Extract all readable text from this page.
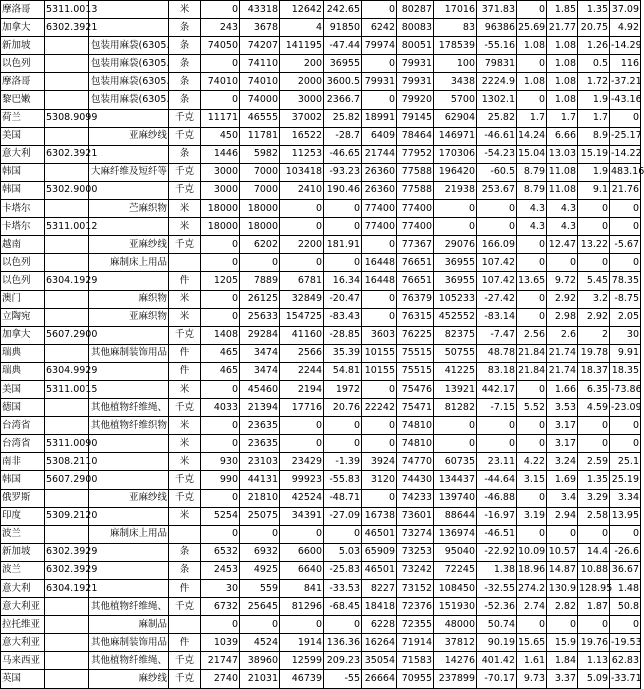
摩洛哥	5311.0013		米	0	43318	12642	242.65	0	80287	17016	371.83	0	1.85	1.35	37.09
加拿大	6302.3921		条	243	3678	4	91850	6242	80083	83	96386	25.69	21.77	20.75	4.92
新加坡		包装用麻袋(6305.	条	74050	74207	141195	-47.44	79974	80051	178539	-55.16	1.08	1.08	1.26	-14.29
以色列		包装用麻袋(6305.	条	0	74110	200	36955	0	79931	100	79831	0	1.08	0.5	116
摩洛哥		包装用麻袋(6305.	条	74010	74010	2000	3600.5	79931	79931	3438	2224.9	1.08	1.08	1.72	-37.21
黎巴嫩		包装用麻袋(6305.	条	0	74000	3000	2366.7	0	79920	5700	1302.1	0	1.08	1.9	-43.16
荷兰	5308.9099		千克	11171	46555	37002	25.82	18991	79145	62904	25.82	1.7	1.7	1.7	0
美国		亚麻纱线	千克	450	11781	16522	-28.7	6409	78464	146971	-46.61	14.24	6.66	8.9	-25.17
意大利	6302.3921		条	1446	5982	11253	-46.65	21744	77952	170306	-54.23	15.04	13.03	15.19	-14.22
韩国		大麻纤维及短纤等	千克	3000	7000	103418	-93.23	26360	77588	196420	-60.5	8.79	11.08	1.9	483.16
韩国	5302.9000		千克	3000	7000	2410	190.46	26360	77588	21938	253.67	8.79	11.08	9.1	21.76
卡塔尔		苎麻织物	米	18000	18000	0	0	77400	77400	0	0	4.3	4.3	0	0
卡塔尔	5311.0012		米	18000	18000	0	0	77400	77400	0	0	4.3	4.3	0	0
越南		亚麻纱线	千克	0	6202	2200	181.91	0	77367	29076	166.09	0	12.47	13.22	-5.67
以色列		麻制床上用品		0	0	0	0	16448	76651	36955	107.42	0	0	0	0
以色列	6304.1929		件	1205	7889	6781	16.34	16448	76651	36955	107.42	13.65	9.72	5.45	78.35
澳门		麻织物	米	0	26125	32849	-20.47	0	76379	105233	-27.42	0	2.92	3.2	-8.75
立陶宛		亚麻织物	米	0	25633	154725	-83.43	0	76315	452552	-83.14	0	2.98	2.92	2.05
加拿大	5607.2900		千克	1408	29284	41160	-28.85	3603	76225	82375	-7.47	2.56	2.6	2	30
瑞典		其他麻制装饰用品	件	465	3474	2566	35.39	10155	75515	50755	48.78	21.84	21.74	19.78	9.91
瑞典	6304.9929		件	465	3474	2244	54.81	10155	75515	41225	83.18	21.84	21.74	18.37	18.35
美国	5311.0015		米	0	45460	2194	1972	0	75476	13921	442.17	0	1.66	6.35	-73.86
德国		其他植物纤维绳、	千克	4033	21394	17716	20.76	22242	75471	81282	-7.15	5.52	3.53	4.59	-23.09
台湾省		其他植物纤维织物	米	0	23635	0	0	0	74810	0	0	0	3.17	0	0
台湾省	5311.0090		米	0	23635	0	0	0	74810	0	0	0	3.17	0	0
南非	5308.2110		米	930	23103	23429	-1.39	3924	74770	60735	23.11	4.22	3.24	2.59	25.1
韩国	5607.2900		千克	990	44131	99923	-55.83	3120	74430	134437	-44.64	3.15	1.69	1.35	25.19
俄罗斯		亚麻纱线	千克	0	21810	42524	-48.71	0	74233	139740	-46.88	0	3.4	3.29	3.34
印度	5309.2120		米	5254	25075	34391	-27.09	16738	73601	88644	-16.97	3.19	2.94	2.58	13.95
波兰		麻制床上用品		0	0	0	0	46501	73274	136974	-46.51	0	0	0	0
新加坡	6302.3929		条	6532	6932	6600	5.03	65909	73253	95040	-22.92	10.09	10.57	14.4	-26.6
波兰	6302.3929		条	2453	4925	6640	-25.83	46501	73242	72245	1.38	18.96	14.87	10.88	36.67
意大利	6304.1921		件	30	559	841	-33.53	8227	73152	108450	-32.55	274.2	130.9	128.95	1.48
意大利亚		其他植物纤维绳、	千克	6732	25645	81296	-68.45	18418	72376	151930	-52.36	2.74	2.82	1.87	50.8
拉托维亚		麻制品		0	0	0	0	6228	72355	48000	50.74	0	0	0	0
意大利亚		其他麻制装饰用品	件	1039	4524	1914	136.36	16264	71914	37812	90.19	15.65	15.9	19.76	-19.53
马来西亚		其他植物纤维绳、	千克	21747	38960	12599	209.23	35054	71583	14276	401.42	1.61	1.84	1.13	62.83
英国		麻纱线	千克	2740	21031	46739	-55	26664	70955	237899	-70.17	9.73	3.37	5.09	-33.71
